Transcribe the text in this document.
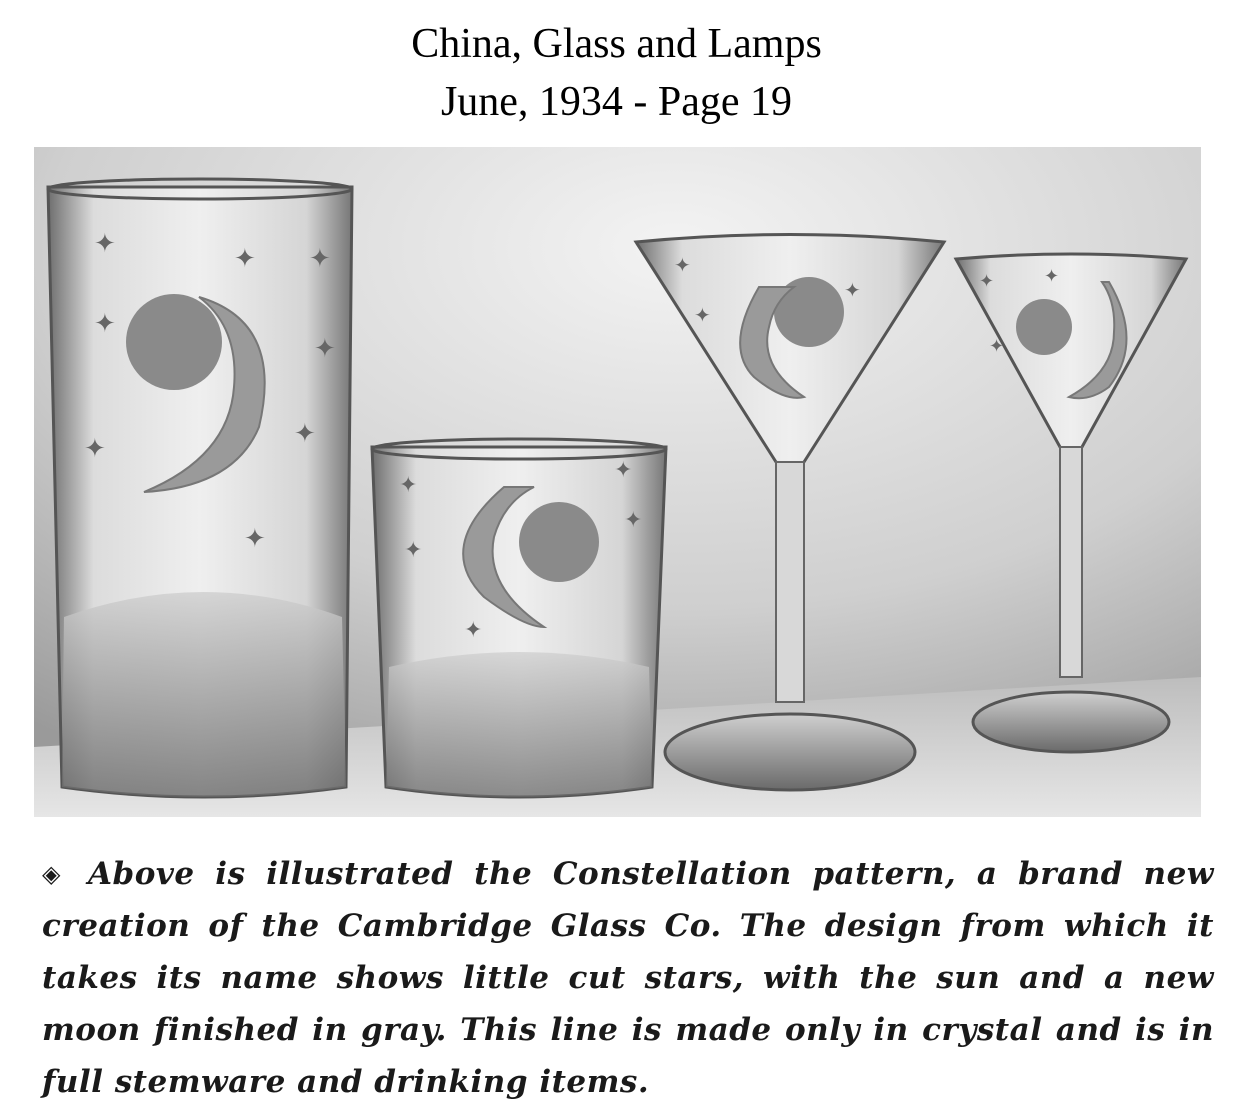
China, Glass and Lamps
June, 1934 - Page 19
✦
✦
✦
✦	✦
✦
✦
✦
✦
✦
✦
✦
✦
✦
✦
✦
✦	✦
✦
◈ Above is illustrated the Constellation pattern, a brand new creation of the Cambridge Glass Co. The design from which it takes its name shows little cut stars, with the sun and a new moon finished in gray. This line is made only in crystal and is in full stemware and drinking items.
